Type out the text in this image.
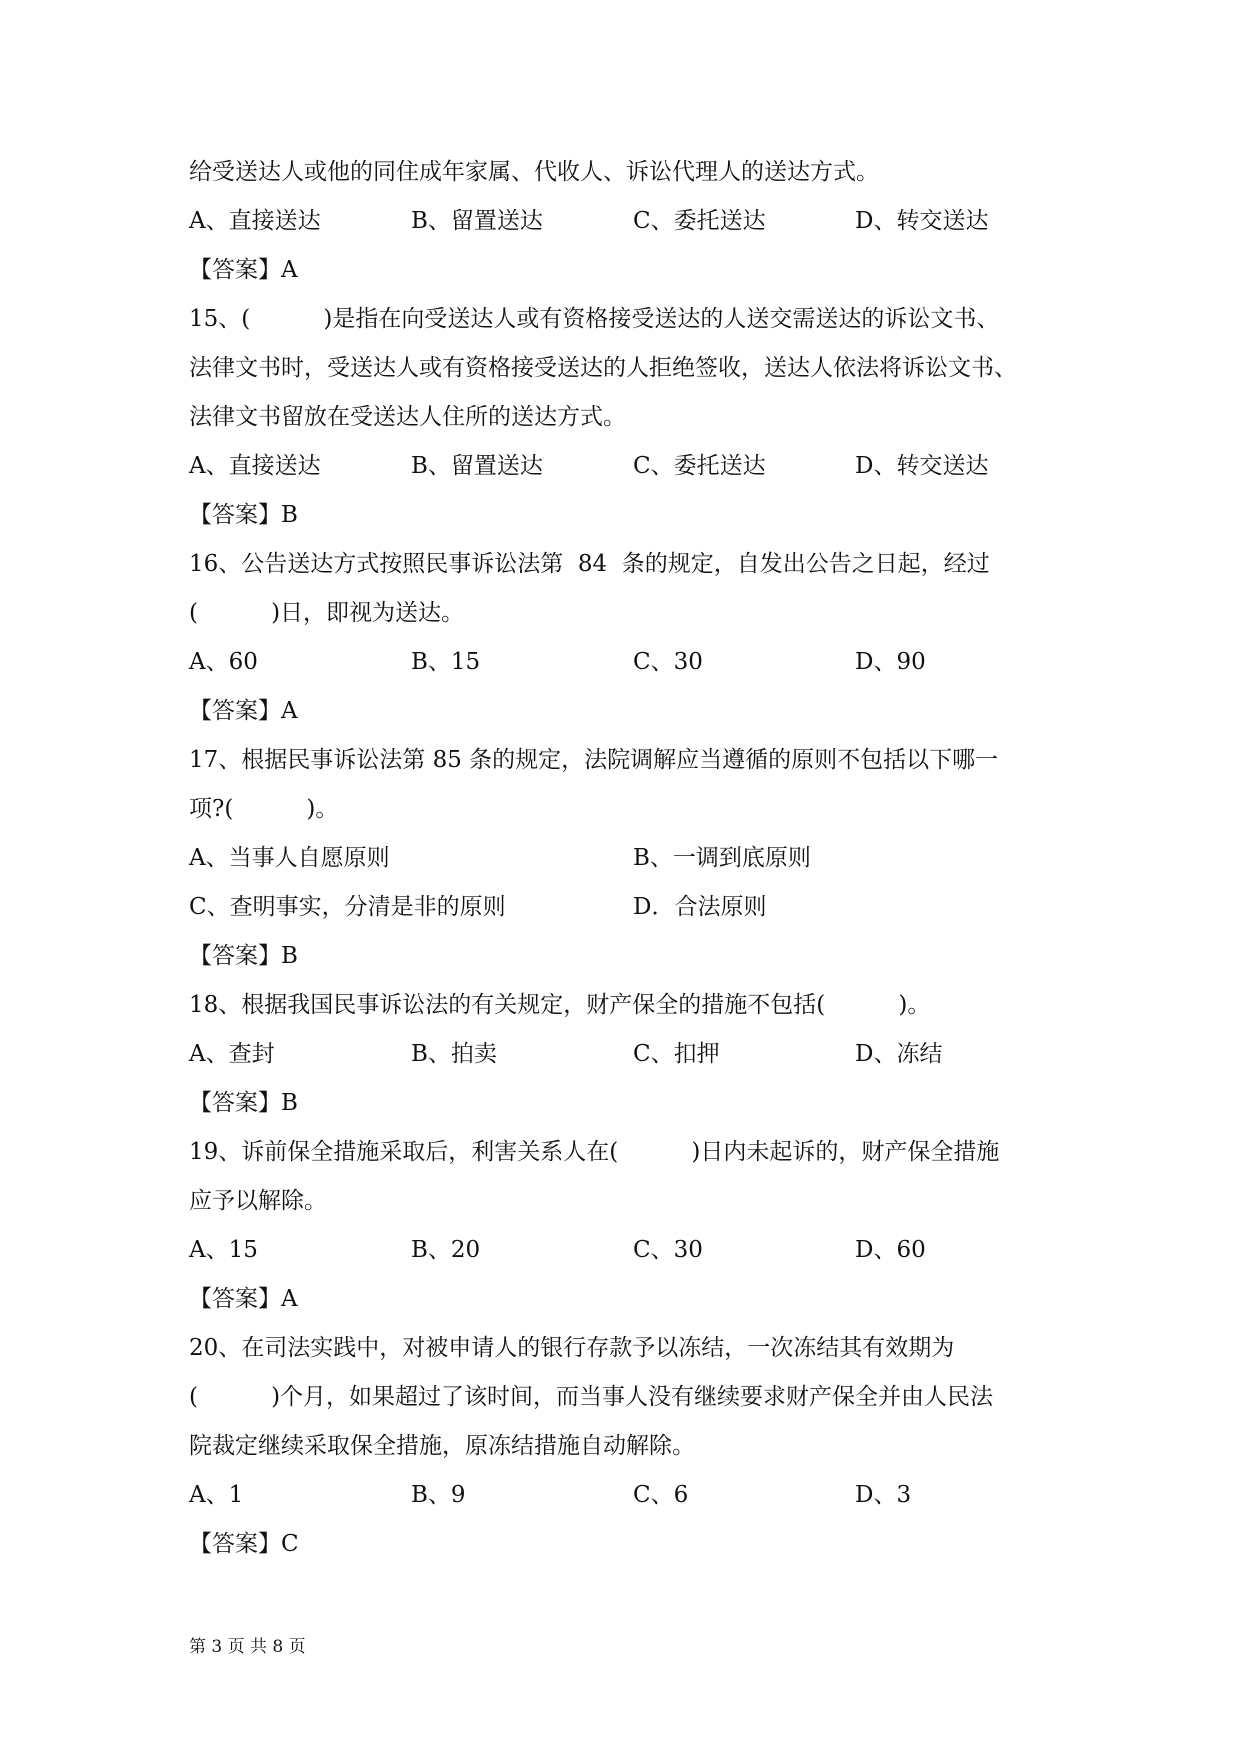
给受送达人或他的同住成年家属、代收人、诉讼代理人的送达方式。
A、直接送达	B、留置送达	C、委托送达	D、转交送达
【答案】A
15、(          )是指在向受送达人或有资格接受送达的人送交需送达的诉讼文书、
法律文书时，受送达人或有资格接受送达的人拒绝签收，送达人依法将诉讼文书、
法律文书留放在受送达人住所的送达方式。
A、直接送达	B、留置送达	C、委托送达	D、转交送达
【答案】B
16、公告送达方式按照民事诉讼法第  84  条的规定，自发出公告之日起，经过
(          )日，即视为送达。
A、60	B、15	C、30	D、90
【答案】A
17、根据民事诉讼法第 85 条的规定，法院调解应当遵循的原则不包括以下哪一
项?(          )。
A、当事人自愿原则	B、一调到底原则
C、查明事实，分清是非的原则	D．合法原则
【答案】B
18、根据我国民事诉讼法的有关规定，财产保全的措施不包括(          )。
A、查封	B、拍卖	C、扣押	D、冻结
【答案】B
19、诉前保全措施采取后，利害关系人在(          )日内未起诉的，财产保全措施
应予以解除。
A、15	B、20	C、30	D、60
【答案】A
20、在司法实践中，对被申请人的银行存款予以冻结，一次冻结其有效期为
(          )个月，如果超过了该时间，而当事人没有继续要求财产保全并由人民法
院裁定继续采取保全措施，原冻结措施自动解除。
A、1	B、9	C、6	D、3
【答案】C
第 3 页 共 8 页
